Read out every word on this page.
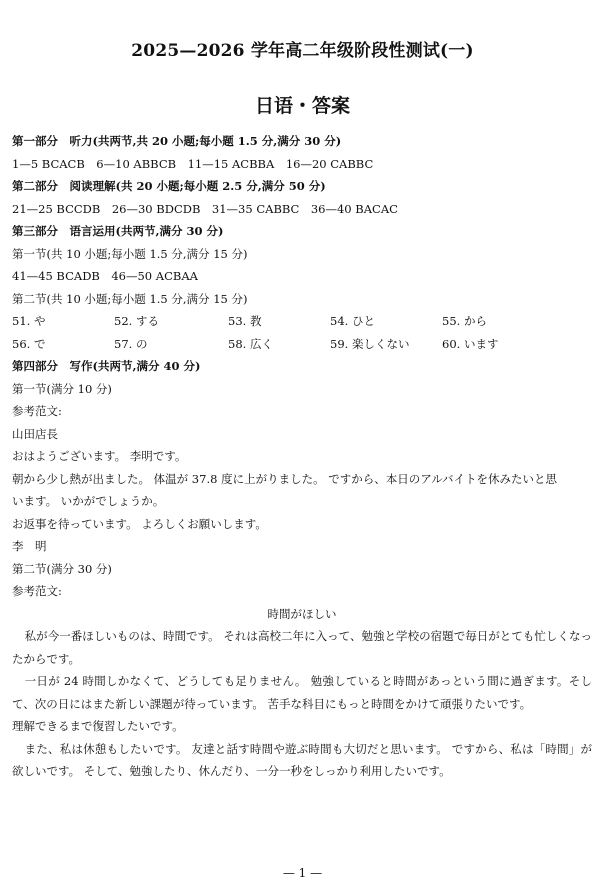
2025—2026 学年高二年级阶段性测试(一)
日语・答案
第一部分　听力(共两节,共 20 小题;每小题 1.5 分,满分 30 分)
1—5 BCACB　6—10 ABBCB　11—15 ACBBA　16—20 CABBC
第二部分　阅读理解(共 20 小题;每小题 2.5 分,满分 50 分)
21—25 BCCDB　26—30 BDCDB　31—35 CABBC　36—40 BACAC
第三部分　语言运用(共两节,满分 30 分)
第一节(共 10 小题;每小题 1.5 分,满分 15 分)
41—45 BCADB　46—50 ACBAA
第二节(共 10 小题;每小题 1.5 分,满分 15 分)
51. や	52. する	53. 教	54. ひと	55. から
56. で	57. の	58. 広く	59. 楽しくない	60. います
第四部分　写作(共两节,满分 40 分)
第一节(满分 10 分)
参考范文:
山田店長
おはようございます。 李明です。
朝から少し熱が出ました。 体温が 37.8 度に上がりました。 ですから、本日のアルバイトを休みたいと思
います。 いかがでしょうか。
お返事を待っています。 よろしくお願いします。
李　明
第二节(满分 30 分)
参考范文:
時間がほしい

私が今一番ほしいものは、時間です。 それは高校二年に入って、勉強と学校の宿題で毎日がとても忙しくなったからです。

一日が 24 時間しかなくて、どうしても足りません。 勉強していると時間があっという間に過ぎます。そして、次の日にはまた新しい課題が待っています。 苦手な科目にもっと時間をかけて頑張りたいです。

理解できるまで復習したいです。

また、私は休憩もしたいです。 友達と話す時間や遊ぶ時間も大切だと思います。 ですから、私は「時間」が欲しいです。 そして、勉強したり、休んだり、一分一秒をしっかり利用したいです。

— 1 —
